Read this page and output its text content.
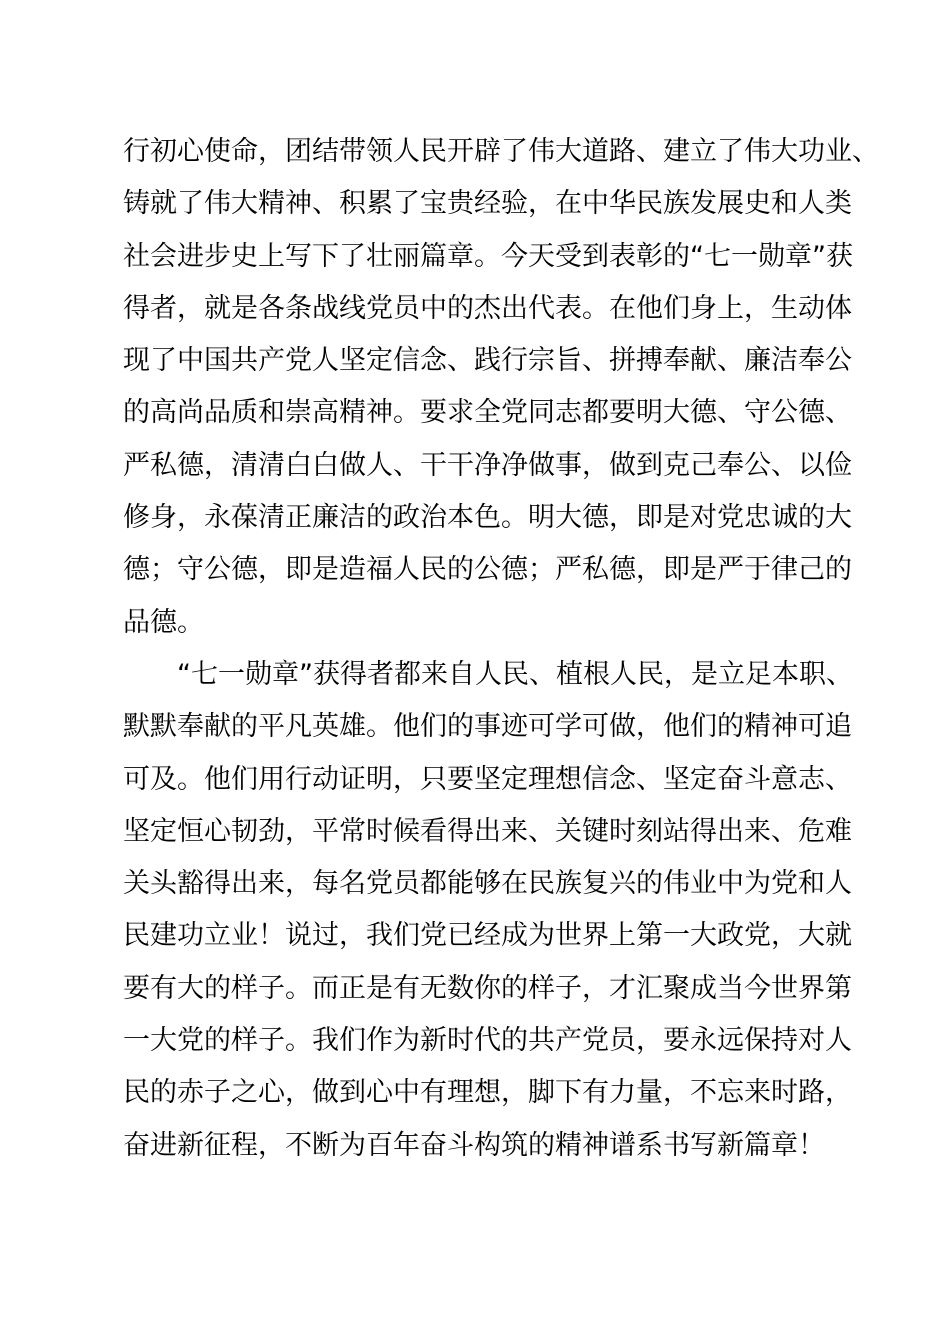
行初心使命，团结带领人民开辟了伟大道路、建立了伟大功业、
铸就了伟大精神、积累了宝贵经验，在中华民族发展史和人类
社会进步史上写下了壮丽篇章。今天受到表彰的“七一勋章”获
得者，就是各条战线党员中的杰出代表。在他们身上，生动体
现了中国共产党人坚定信念、践行宗旨、拼搏奉献、廉洁奉公
的高尚品质和崇高精神。要求全党同志都要明大德、守公德、
严私德，清清白白做人、干干净净做事，做到克己奉公、以俭
修身，永葆清正廉洁的政治本色。明大德，即是对党忠诚的大
德；守公德，即是造福人民的公德；严私德，即是严于律己的
品德。
“七一勋章”获得者都来自人民、植根人民，是立足本职、
默默奉献的平凡英雄。他们的事迹可学可做，他们的精神可追
可及。他们用行动证明，只要坚定理想信念、坚定奋斗意志、
坚定恒心韧劲，平常时候看得出来、关键时刻站得出来、危难
关头豁得出来，每名党员都能够在民族复兴的伟业中为党和人
民建功立业！说过，我们党已经成为世界上第一大政党，大就
要有大的样子。而正是有无数你的样子，才汇聚成当今世界第
一大党的样子。我们作为新时代的共产党员，要永远保持对人
民的赤子之心，做到心中有理想，脚下有力量，不忘来时路，
奋进新征程，不断为百年奋斗构筑的精神谱系书写新篇章！
